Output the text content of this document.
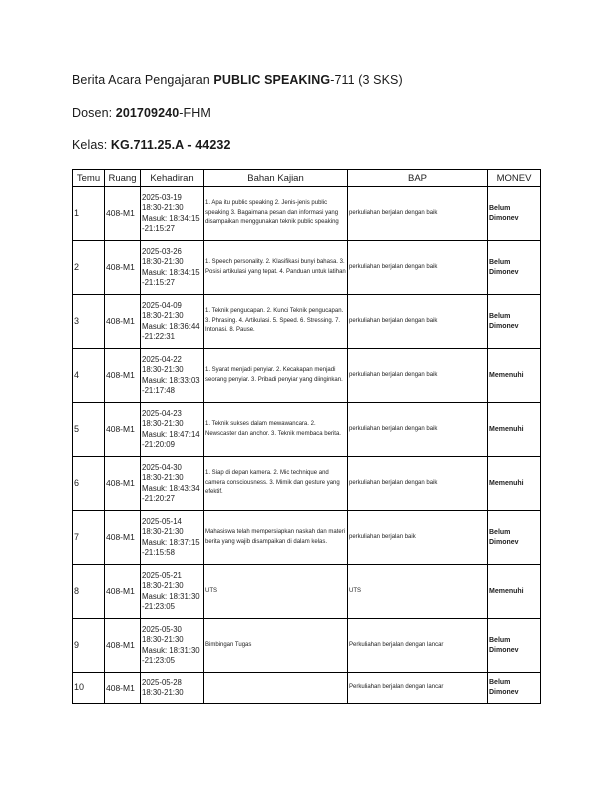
Berita Acara Pengajaran PUBLIC SPEAKING-711 (3 SKS)
Dosen: 201709240-FHM
Kelas: KG.711.25.A - 44232
Temu	Ruang	Kehadiran	Bahan Kajian	BAP	MONEV
1	408-M1	2025-03-19
18:30-21:30
Masuk: 18:34:15
-21:15:27	1. Apa itu public speaking 2. Jenis-jenis public speaking 3. Bagaimana pesan dan informasi yang disampaikan menggunakan teknik public speaking	perkuliahan berjalan dengan baik	Belum Dimonev
2	408-M1	2025-03-26
18:30-21:30
Masuk: 18:34:15
-21:15:27	1. Speech personality. 2. Klasifikasi bunyi bahasa. 3. Posisi artikulasi yang tepat. 4. Panduan untuk latihan	perkuliahan berjalan dengan baik	Belum Dimonev
3	408-M1	2025-04-09
18:30-21:30
Masuk: 18:36:44
-21:22:31	1. Teknik pengucapan. 2. Kunci Teknik pengucapan. 3. Phrasing. 4. Artikulasi. 5. Speed. 6. Stressing. 7. Intonasi. 8. Pause.	perkuliahan berjalan dengan baik	Belum Dimonev
4	408-M1	2025-04-22
18:30-21:30
Masuk: 18:33:03
-21:17:48	1. Syarat menjadi penyiar. 2. Kecakapan menjadi seorang penyiar. 3. Pribadi penyiar yang diinginkan.	perkuliahan berjalan dengan baik	Memenuhi
5	408-M1	2025-04-23
18:30-21:30
Masuk: 18:47:14
-21:20:09	1. Teknik sukses dalam mewawancara. 2. Newscaster dan anchor. 3. Teknik membaca berita.	perkuliahan berjalan dengan baik	Memenuhi
6	408-M1	2025-04-30
18:30-21:30
Masuk: 18:43:34
-21:20:27	1. Siap di depan kamera. 2. Mic technique and camera consciousness. 3. Mimik dan gesture yang efektif.	perkuliahan berjalan dengan baik	Memenuhi
7	408-M1	2025-05-14
18:30-21:30
Masuk: 18:37:15
-21:15:58	Mahasiswa telah mempersiapkan naskah dan materi berita yang wajib disampaikan di dalam kelas.	perkuliahan berjalan baik	Belum Dimonev
8	408-M1	2025-05-21
18:30-21:30
Masuk: 18:31:30
-21:23:05	UTS	UTS	Memenuhi
9	408-M1	2025-05-30
18:30-21:30
Masuk: 18:31:30
-21:23:05	Bimbingan Tugas	Perkuliahan berjalan dengan lancar	Belum Dimonev
10	408-M1	2025-05-28
18:30-21:30		Perkuliahan berjalan dengan lancar	Belum Dimonev
